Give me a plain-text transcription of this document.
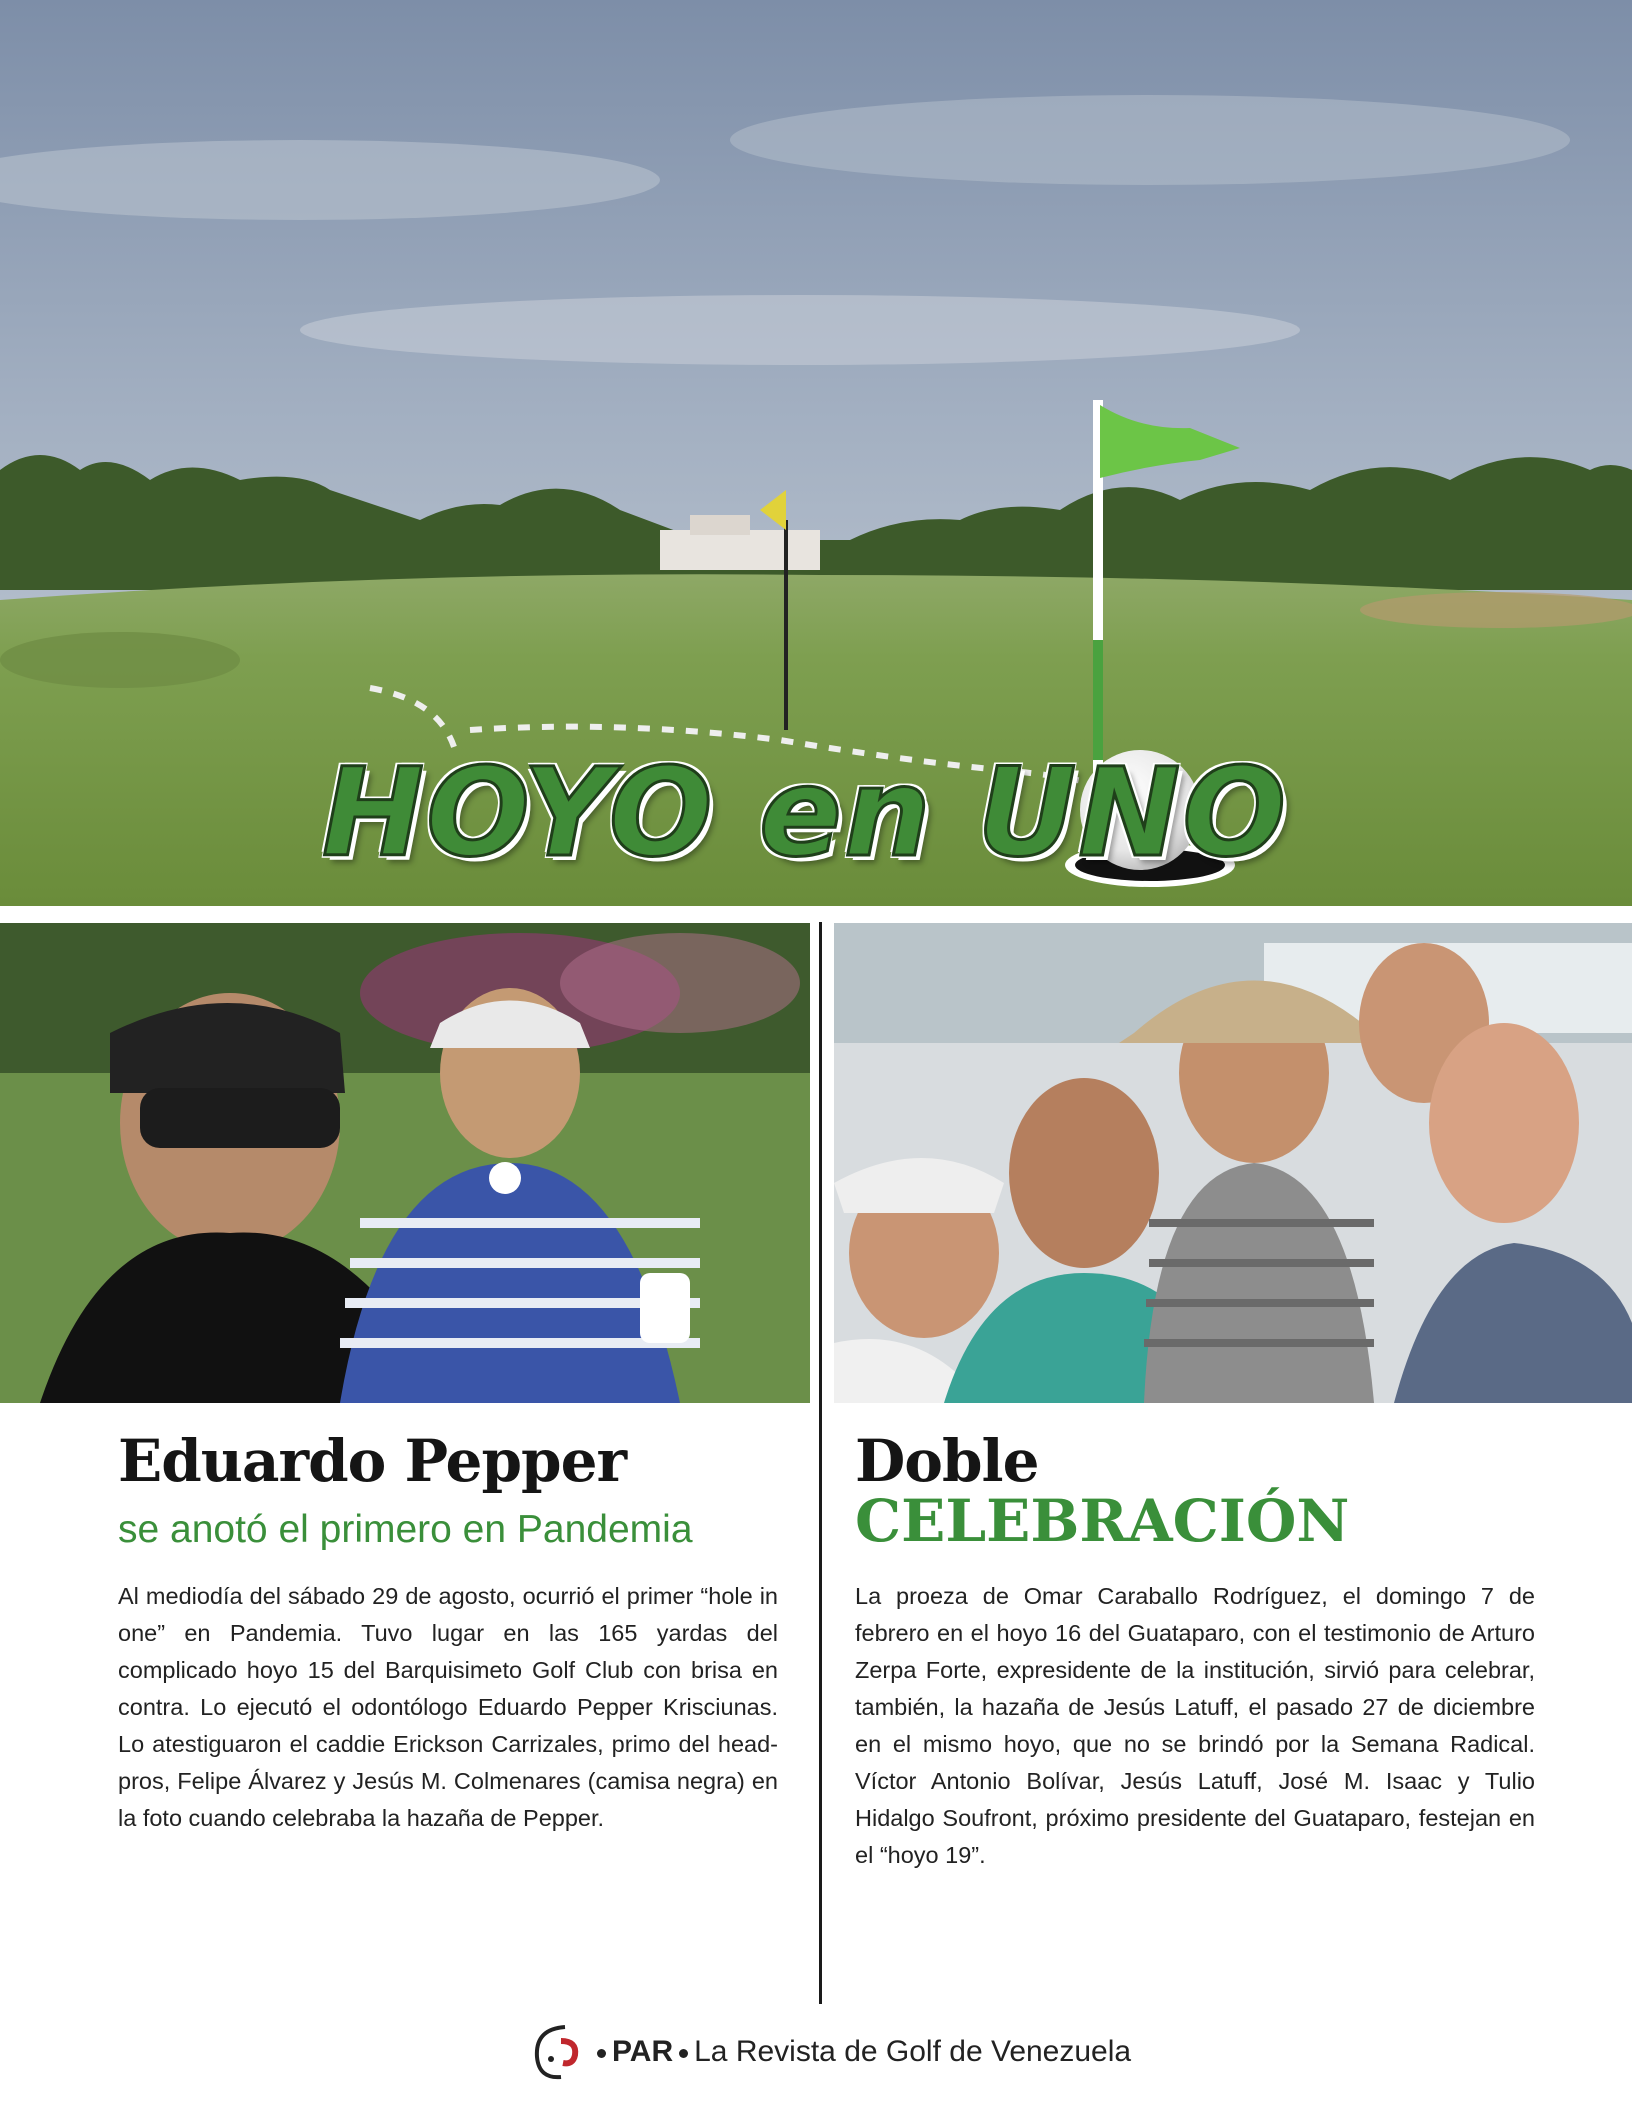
HOYO en UNO
Eduardo Pepper
se anotó el primero en Pandemia

Al mediodía del sábado 29 de agosto, ocurrió el primer “hole in one” en Pandemia. Tuvo lugar en las 165 yardas del complicado hoyo 15 del Barquisimeto Golf Club con brisa en contra. Lo ejecutó el odontólogo Eduardo Pepper Krisciunas. Lo atestiguaron el caddie Erickson Carrizales, primo del head-pros, Felipe Álvarez y Jesús M. Colmenares (camisa negra) en la foto cuando celebraba la hazaña de Pepper.

Doble
CELEBRACIÓN

La proeza de Omar Caraballo Rodríguez, el domingo 7 de febrero en el hoyo 16 del Guataparo, con el testimonio de Arturo Zerpa Forte, expresidente de la institución, sirvió para celebrar, también, la hazaña de Jesús Latuff, el pasado 27 de diciembre en el mismo hoyo, que no se brindó por la Semana Radical. Víctor Antonio Bolívar, Jesús Latuff, José M. Isaac y Tulio Hidalgo Soufront, próximo presidente del Guataparo, festejan en el “hoyo 19”.

PAR La Revista de Golf de Venezuela
